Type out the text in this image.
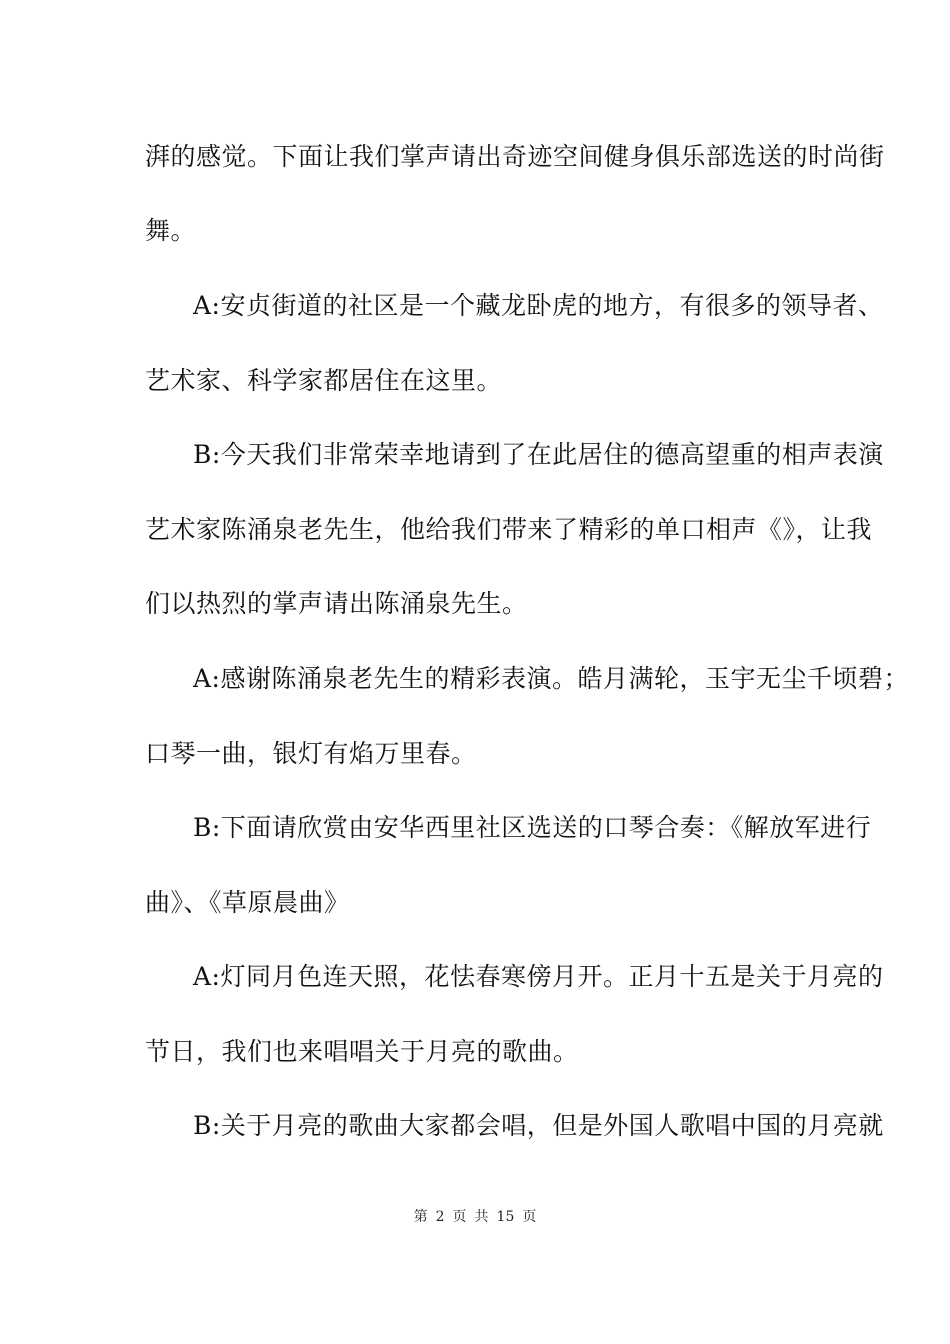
湃的感觉。下面让我们掌声请出奇迹空间健身俱乐部选送的时尚街
舞。
A:安贞街道的社区是一个藏龙卧虎的地方，有很多的领导者、
艺术家、科学家都居住在这里。
B:今天我们非常荣幸地请到了在此居住的德高望重的相声表演
艺术家陈涌泉老先生，他给我们带来了精彩的单口相声《》，让我
们以热烈的掌声请出陈涌泉先生。
A:感谢陈涌泉老先生的精彩表演。皓月满轮，玉宇无尘千顷碧；
口琴一曲，银灯有焰万里春。
B:下面请欣赏由安华西里社区选送的口琴合奏：《解放军进行
曲》、《草原晨曲》
A:灯同月色连天照，花怯春寒傍月开。正月十五是关于月亮的
节日，我们也来唱唱关于月亮的歌曲。
B:关于月亮的歌曲大家都会唱，但是外国人歌唱中国的月亮就
第 2 页 共 15 页
